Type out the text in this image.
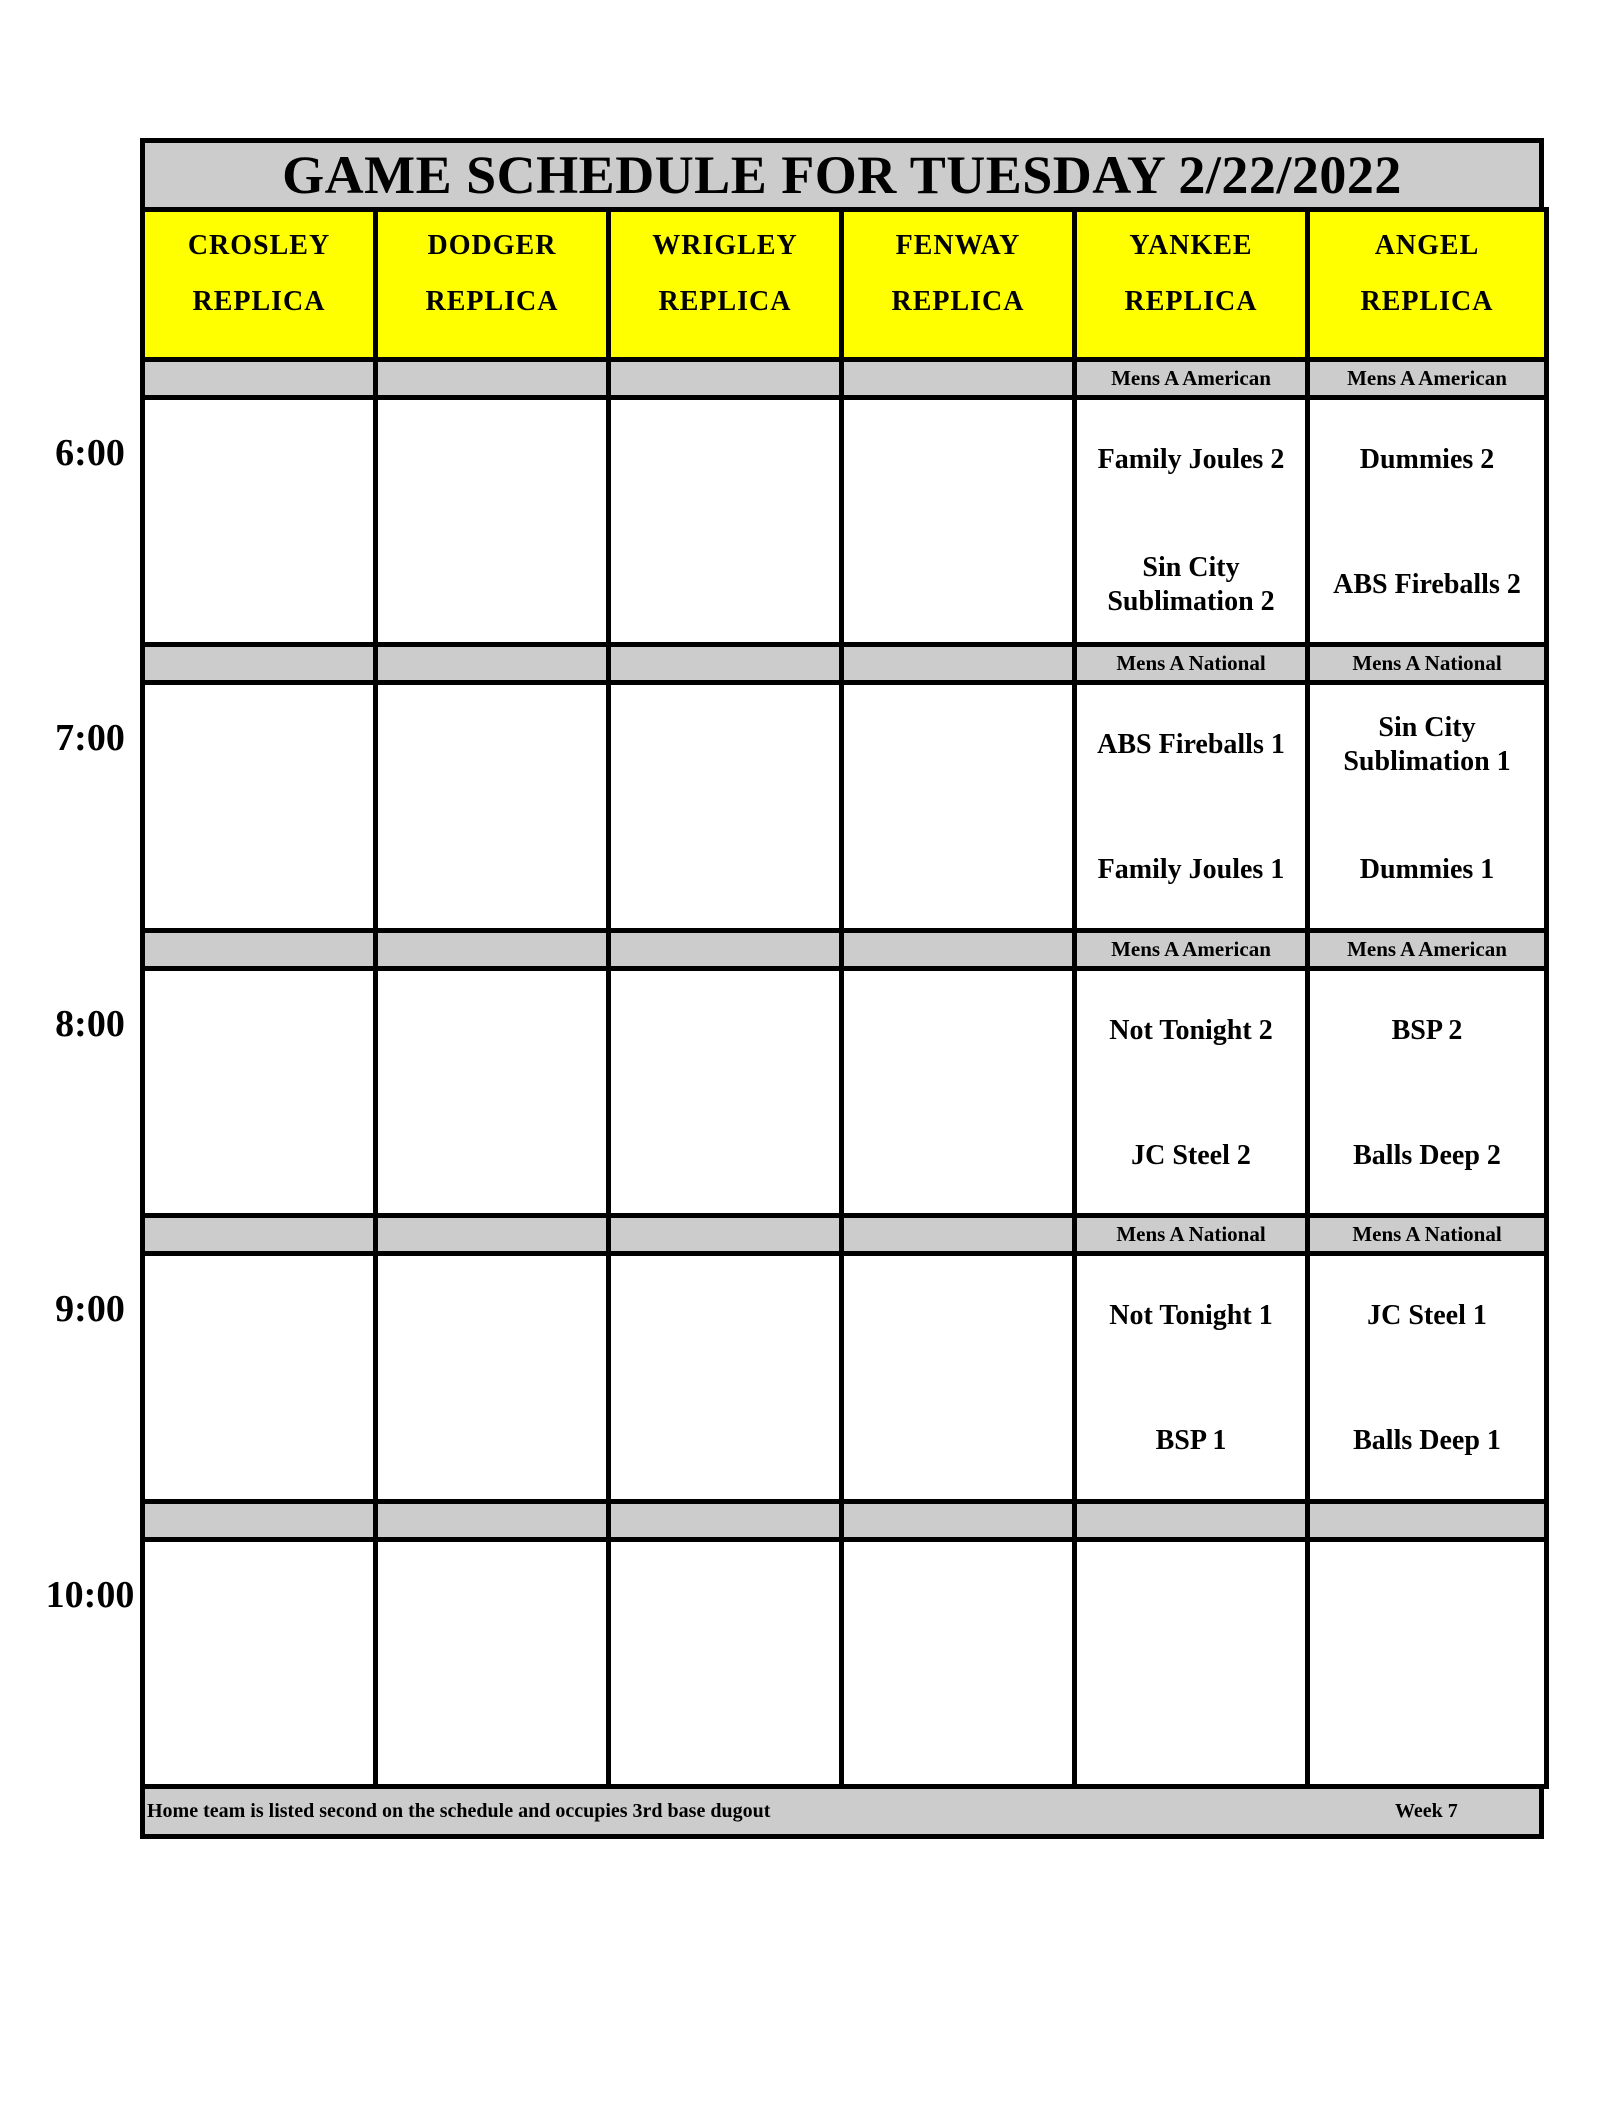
GAME SCHEDULE FOR TUESDAY 2/22/2022
CROSLEY
REPLICA
DODGER
REPLICA
WRIGLEY
REPLICA
FENWAY
REPLICA
YANKEE
REPLICA
ANGEL
REPLICA
Mens A American
Family Joules 2
Sin City Sublimation 2
Mens A American
Dummies 2
ABS Fireballs 2
Mens A National
ABS Fireballs 1
Family Joules 1
Mens A National
Sin City Sublimation 1
Dummies 1
Mens A American
Not Tonight 2
JC Steel 2
Mens A American
BSP 2
Balls Deep 2
Mens A National
Not Tonight 1
BSP 1
Mens A National
JC Steel 1
Balls Deep 1
Home team is listed second on the schedule and occupies 3rd base dugout	Week 7
6:00
7:00
8:00
9:00
10:00
